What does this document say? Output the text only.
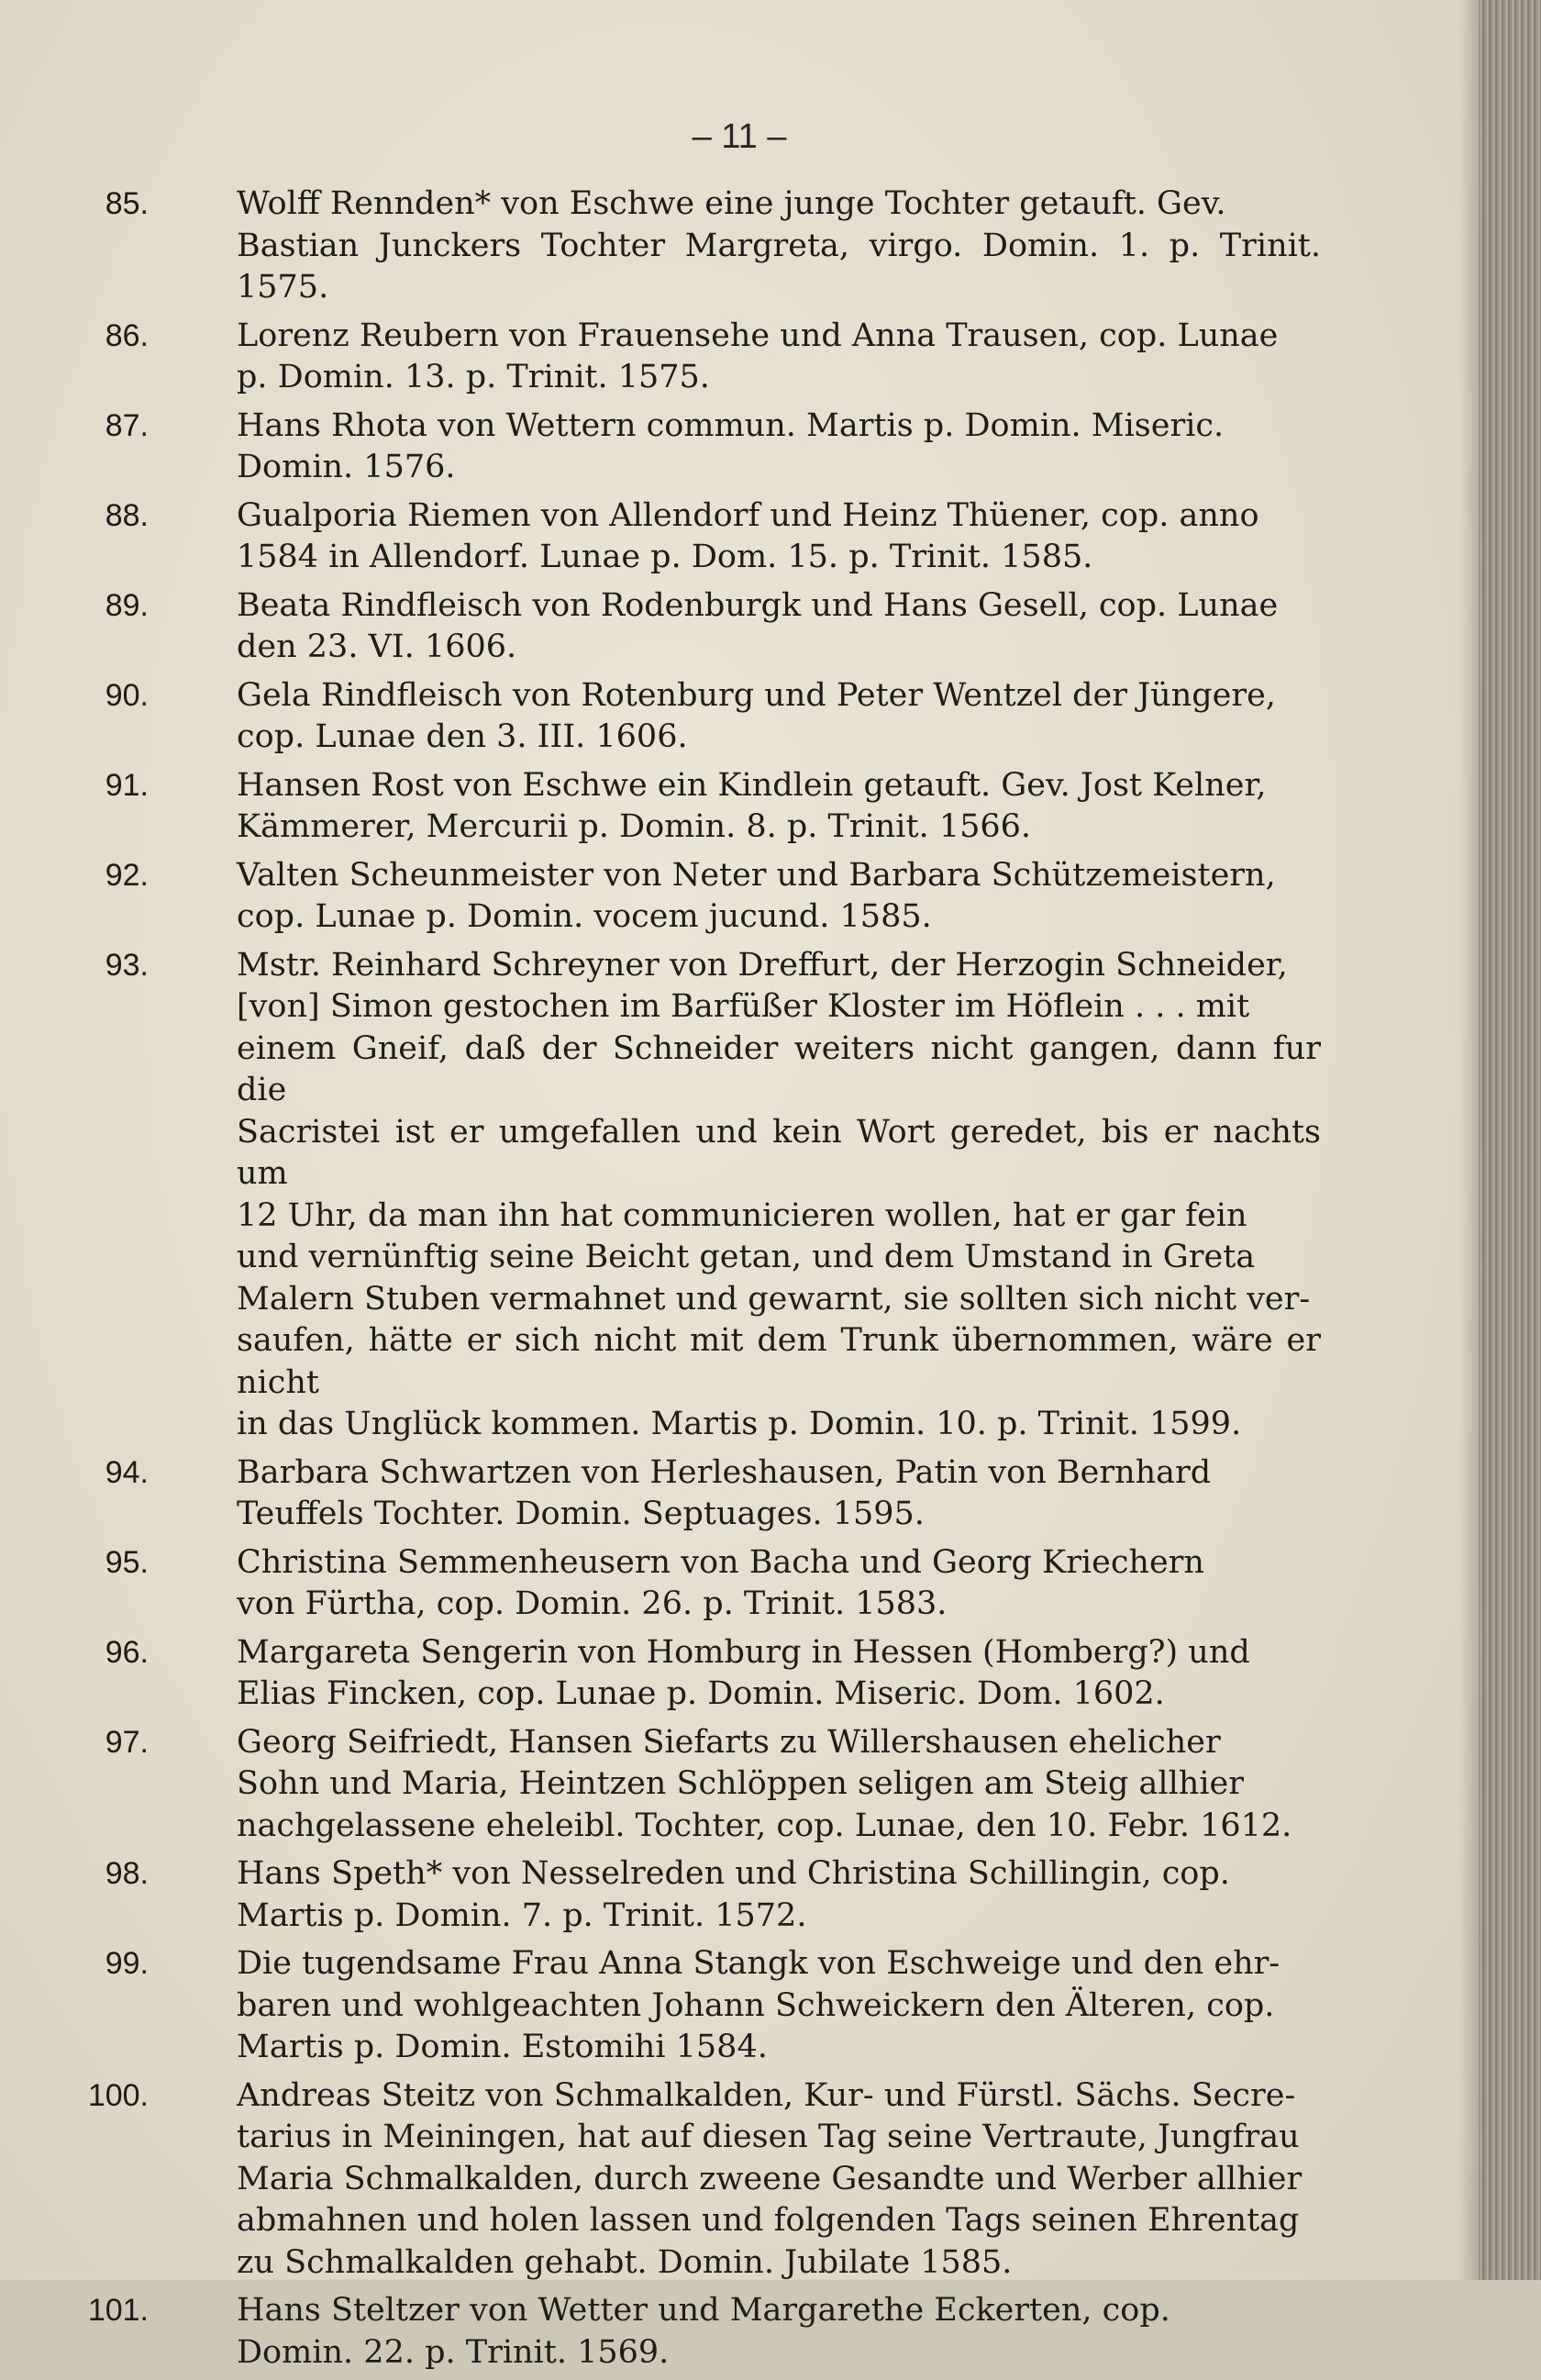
– 11 –
85.	Wolff Rennden* von Eschwe eine junge Tochter getauft. Gev.
Bastian Junckers Tochter Margreta, virgo. Domin. 1. p. Trinit. 1575.

86.	Lorenz Reubern von Frauensehe und Anna Trausen, cop. Lunae
p. Domin. 13. p. Trinit. 1575.

87.	Hans Rhota von Wettern commun. Martis p. Domin. Miseric.
Domin. 1576.

88.	Gualporia Riemen von Allendorf und Heinz Thüener, cop. anno
1584 in Allendorf. Lunae p. Dom. 15. p. Trinit. 1585.

89.	Beata Rindfleisch von Rodenburgk und Hans Gesell, cop. Lunae
den 23. VI. 1606.

90.	Gela Rindfleisch von Rotenburg und Peter Wentzel der Jüngere,
cop. Lunae den 3. III. 1606.

91.	Hansen Rost von Eschwe ein Kindlein getauft. Gev. Jost Kelner,
Kämmerer, Mercurii p. Domin. 8. p. Trinit. 1566.

92.	Valten Scheunmeister von Neter und Barbara Schützemeistern,
cop. Lunae p. Domin. vocem jucund. 1585.

93.	Mstr. Reinhard Schreyner von Dreffurt, der Herzogin Schneider,
[von] Simon gestochen im Barfüßer Kloster im Höflein . . . mit
einem Gneif, daß der Schneider weiters nicht gangen, dann fur die
Sacristei ist er umgefallen und kein Wort geredet, bis er nachts um
12 Uhr, da man ihn hat communicieren wollen, hat er gar fein
und vernünftig seine Beicht getan, und dem Umstand in Greta
Malern Stuben vermahnet und gewarnt, sie sollten sich nicht ver-
saufen, hätte er sich nicht mit dem Trunk übernommen, wäre er nicht
in das Unglück kommen. Martis p. Domin. 10. p. Trinit. 1599.

94.	Barbara Schwartzen von Herleshausen, Patin von Bernhard
Teuffels Tochter. Domin. Septuages. 1595.

95.	Christina Semmenheusern von Bacha und Georg Kriechern
von Fürtha, cop. Domin. 26. p. Trinit. 1583.

96.	Margareta Sengerin von Homburg in Hessen (Homberg?) und
Elias Fincken, cop. Lunae p. Domin. Miseric. Dom. 1602.

97.	Georg Seifriedt, Hansen Siefarts zu Willershausen ehelicher
Sohn und Maria, Heintzen Schlöppen seligen am Steig allhier
nachgelassene eheleibl. Tochter, cop. Lunae, den 10. Febr. 1612.

98.	Hans Speth* von Nesselreden und Christina Schillingin, cop.
Martis p. Domin. 7. p. Trinit. 1572.

99.	Die tugendsame Frau Anna Stangk von Eschweige und den ehr-
baren und wohlgeachten Johann Schweickern den Älteren, cop.
Martis p. Domin. Estomihi 1584.

100.	Andreas Steitz von Schmalkalden, Kur- und Fürstl. Sächs. Secre-
tarius in Meiningen, hat auf diesen Tag seine Vertraute, Jungfrau
Maria Schmalkalden, durch zweene Gesandte und Werber allhier
abmahnen und holen lassen und folgenden Tags seinen Ehrentag
zu Schmalkalden gehabt. Domin. Jubilate 1585.

101.	Hans Steltzer von Wetter und Margarethe Eckerten, cop.
Domin. 22. p. Trinit. 1569.
